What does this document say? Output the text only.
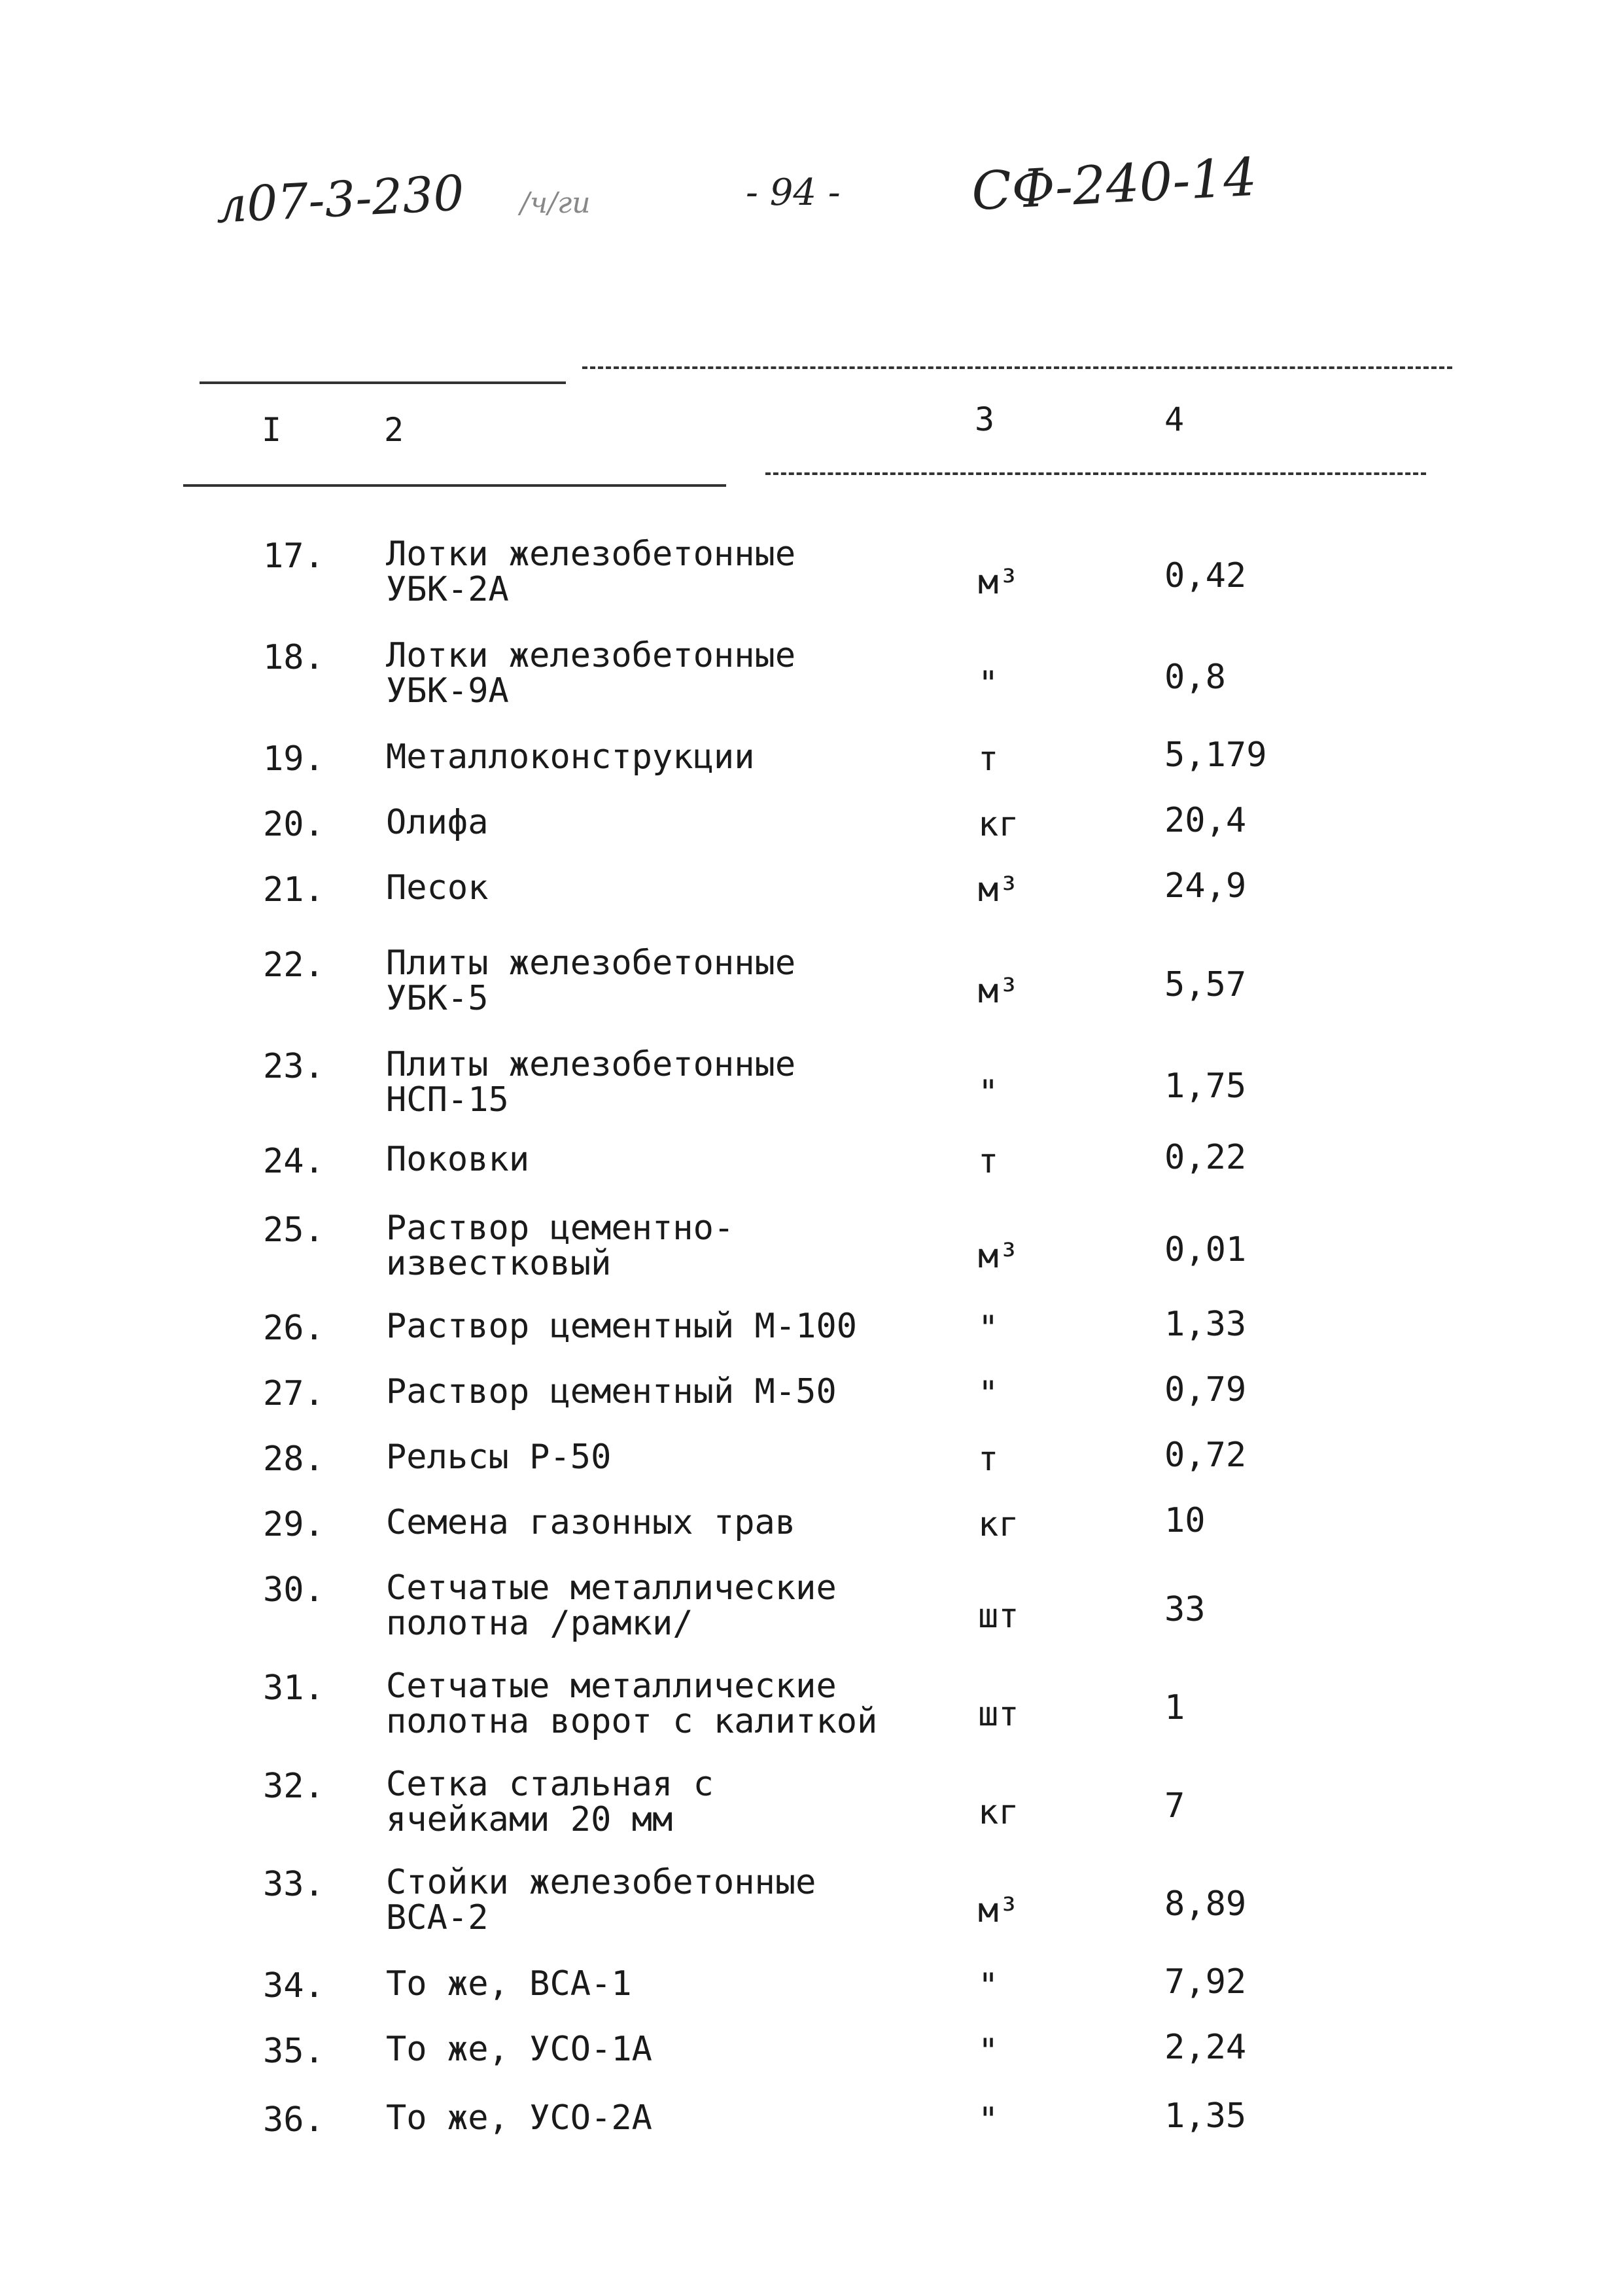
л07-3-230 /ч/ги	- 94 - СФ-240-14
I	2	3	4
17. Лотки железобетонные
УБК-2А	м³	0,42
18. Лотки железобетонные
УБК-9А	"	0,8
19. Металлоконструкции	т	5,179
20. Олифа	кг	20,4
21. Песок	м³	24,9
22. Плиты железобетонные
УБК-5	м³	5,57
23. Плиты железобетонные
НСП-15	"	1,75
24. Поковки	т	0,22
25. Раствор цементно-
известковый	м³	0,01
26. Раствор цементный М-100	"	1,33
27. Раствор цементный М-50	"	0,79
28. Рельсы Р-50	т	0,72
29. Семена газонных трав	кг	10
30. Сетчатые металлические
полотна /рамки/	шт	33
31. Сетчатые металлические
полотна ворот с калиткой	шт	1
32. Сетка стальная с
ячейками 20 мм	кг	7
33. Стойки железобетонные
ВСА-2	м³	8,89
34. То же, ВСА-1	"	7,92
35. То же, УСО-1А	"	2,24
36. То же, УСО-2А	"	1,35
